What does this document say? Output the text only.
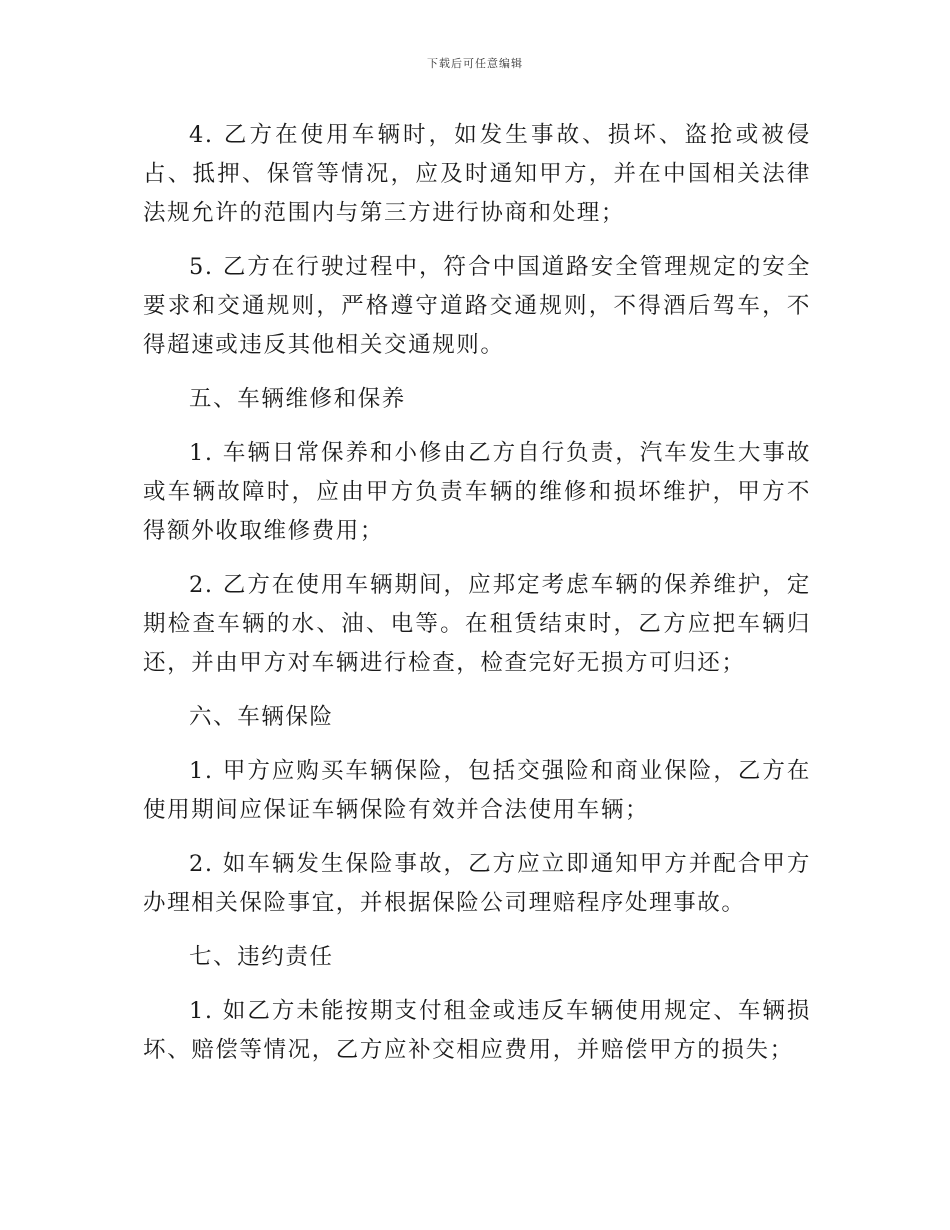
下载后可任意编辑

4. 乙方在使用车辆时，如发生事故、损坏、盗抢或被侵占、抵押、保管等情况，应及时通知甲方，并在中国相关法律法规允许的范围内与第三方进行协商和处理；

5. 乙方在行驶过程中，符合中国道路安全管理规定的安全要求和交通规则，严格遵守道路交通规则，不得酒后驾车，不得超速或违反其他相关交通规则。

五、车辆维修和保养

1. 车辆日常保养和小修由乙方自行负责，汽车发生大事故或车辆故障时，应由甲方负责车辆的维修和损坏维护，甲方不得额外收取维修费用；

2. 乙方在使用车辆期间，应邦定考虑车辆的保养维护，定期检查车辆的水、油、电等。在租赁结束时，乙方应把车辆归还，并由甲方对车辆进行检查，检查完好无损方可归还；

六、车辆保险

1. 甲方应购买车辆保险，包括交强险和商业保险，乙方在使用期间应保证车辆保险有效并合法使用车辆；

2. 如车辆发生保险事故，乙方应立即通知甲方并配合甲方办理相关保险事宜，并根据保险公司理赔程序处理事故。

七、违约责任

1. 如乙方未能按期支付租金或违反车辆使用规定、车辆损坏、赔偿等情况，乙方应补交相应费用，并赔偿甲方的损失；
